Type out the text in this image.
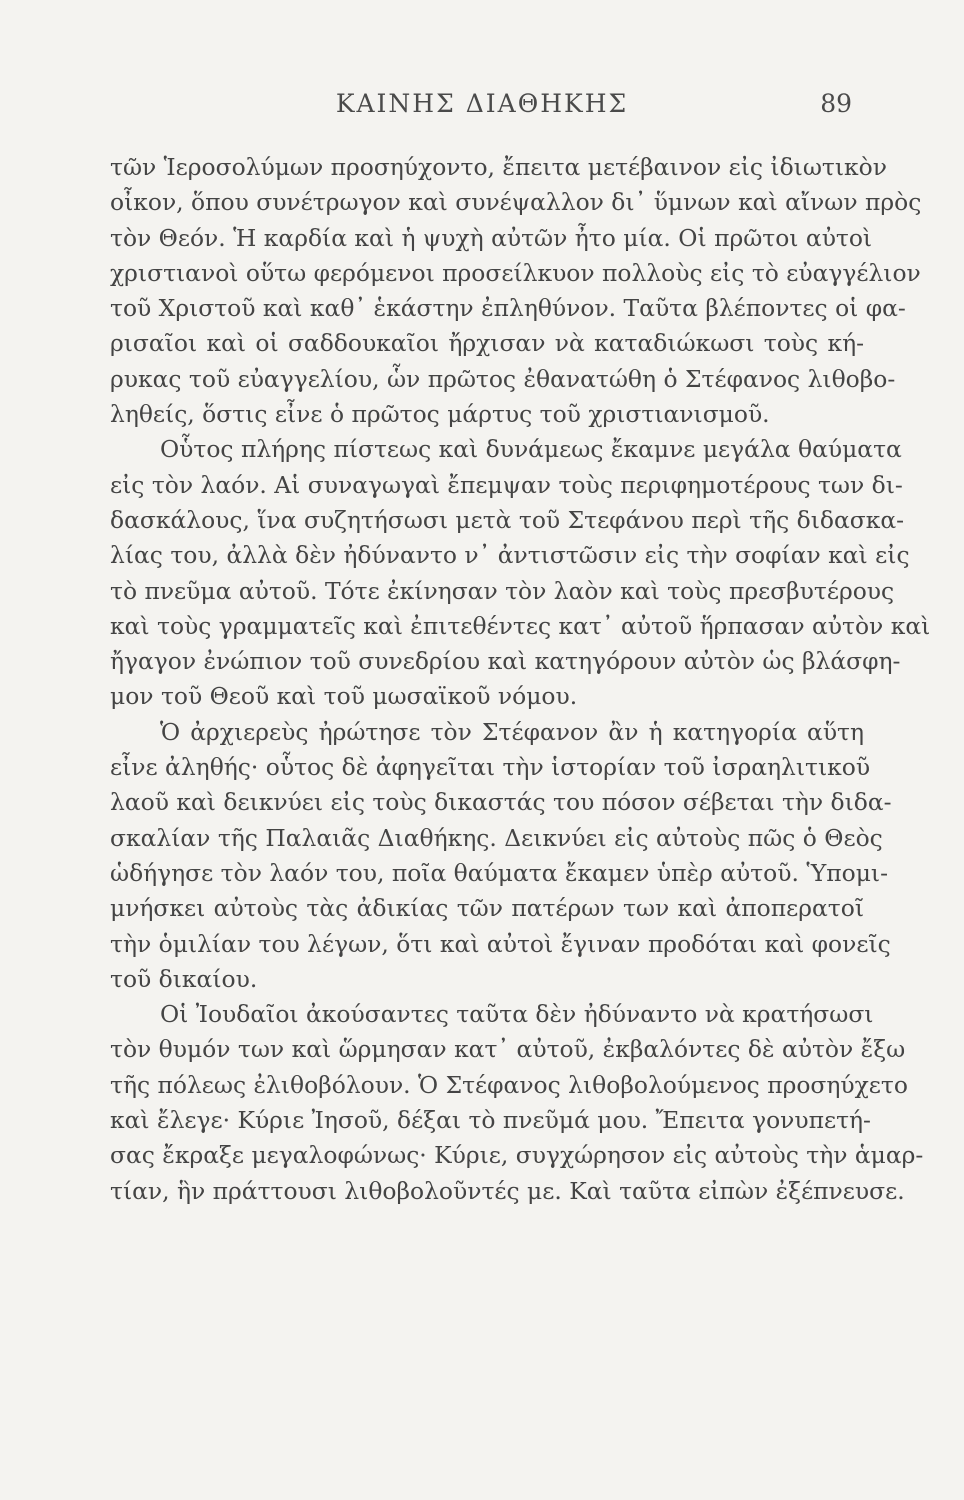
ΚΑΙΝΗΣ ΔΙΑΘΗΚΗΣ	89
τῶν Ἱεροσολύμων προσηύχοντο, ἔπειτα μετέβαινον εἰς ἰδιωτικὸν
οἶκον, ὅπου συνέτρωγον καὶ συνέψαλλον δι᾽ ὕμνων καὶ αἴνων πρὸς
τὸν Θεόν. Ἡ καρδία καὶ ἡ ψυχὴ αὐτῶν ἦτο μία. Οἱ πρῶτοι αὐτοὶ
χριστιανοὶ οὕτω φερόμενοι προσείλκυον πολλοὺς εἰς τὸ εὐαγγέλιον
τοῦ Χριστοῦ καὶ καθ᾽ ἑκάστην ἐπληθύνον. Ταῦτα βλέποντες οἱ φα-
ρισαῖοι καὶ οἱ σαδδουκαῖοι ἤρχισαν νὰ καταδιώκωσι τοὺς κή-
ρυκας τοῦ εὐαγγελίου, ὧν πρῶτος ἐθανατώθη ὁ Στέφανος λιθοβο-
ληθείς, ὅστις εἶνε ὁ πρῶτος μάρτυς τοῦ χριστιανισμοῦ.
Οὗτος πλήρης πίστεως καὶ δυνάμεως ἔκαμνε μεγάλα θαύματα
εἰς τὸν λαόν. Αἱ συναγωγαὶ ἔπεμψαν τοὺς περιφημοτέρους των δι-
δασκάλους, ἵνα συζητήσωσι μετὰ τοῦ Στεφάνου περὶ τῆς διδασκα-
λίας του, ἀλλὰ δὲν ἠδύναντο ν᾽ ἀντιστῶσιν εἰς τὴν σοφίαν καὶ εἰς
τὸ πνεῦμα αὐτοῦ. Τότε ἐκίνησαν τὸν λαὸν καὶ τοὺς πρεσβυτέρους
καὶ τοὺς γραμματεῖς καὶ ἐπιτεθέντες κατ᾽ αὐτοῦ ἥρπασαν αὐτὸν καὶ
ἤγαγον ἐνώπιον τοῦ συνεδρίου καὶ κατηγόρουν αὐτὸν ὡς βλάσφη-
μον τοῦ Θεοῦ καὶ τοῦ μωσαϊκοῦ νόμου.
Ὁ ἀρχιερεὺς ἠρώτησε τὸν Στέφανον ἂν ἡ κατηγορία αὕτη
εἶνε ἀληθής· οὗτος δὲ ἀφηγεῖται τὴν ἱστορίαν τοῦ ἰσραηλιτικοῦ
λαοῦ καὶ δεικνύει εἰς τοὺς δικαστάς του πόσον σέβεται τὴν διδα-
σκαλίαν τῆς Παλαιᾶς Διαθήκης. Δεικνύει εἰς αὐτοὺς πῶς ὁ Θεὸς
ὡδήγησε τὸν λαόν του, ποῖα θαύματα ἔκαμεν ὑπὲρ αὐτοῦ. Ὑπομι-
μνήσκει αὐτοὺς τὰς ἀδικίας τῶν πατέρων των καὶ ἀποπερατοῖ
τὴν ὁμιλίαν του λέγων, ὅτι καὶ αὐτοὶ ἔγιναν προδόται καὶ φονεῖς
τοῦ δικαίου.
Οἱ Ἰουδαῖοι ἀκούσαντες ταῦτα δὲν ἠδύναντο νὰ κρατήσωσι
τὸν θυμόν των καὶ ὥρμησαν κατ᾽ αὐτοῦ, ἐκβαλόντες δὲ αὐτὸν ἔξω
τῆς πόλεως ἐλιθοβόλουν. Ὁ Στέφανος λιθοβολούμενος προσηύχετο
καὶ ἔλεγε· Κύριε Ἰησοῦ, δέξαι τὸ πνεῦμά μου. Ἔπειτα γονυπετή-
σας ἔκραξε μεγαλοφώνως· Κύριε, συγχώρησον εἰς αὐτοὺς τὴν ἁμαρ-
τίαν, ἣν πράττουσι λιθοβολοῦντές με. Καὶ ταῦτα εἰπὼν ἐξέπνευσε.
